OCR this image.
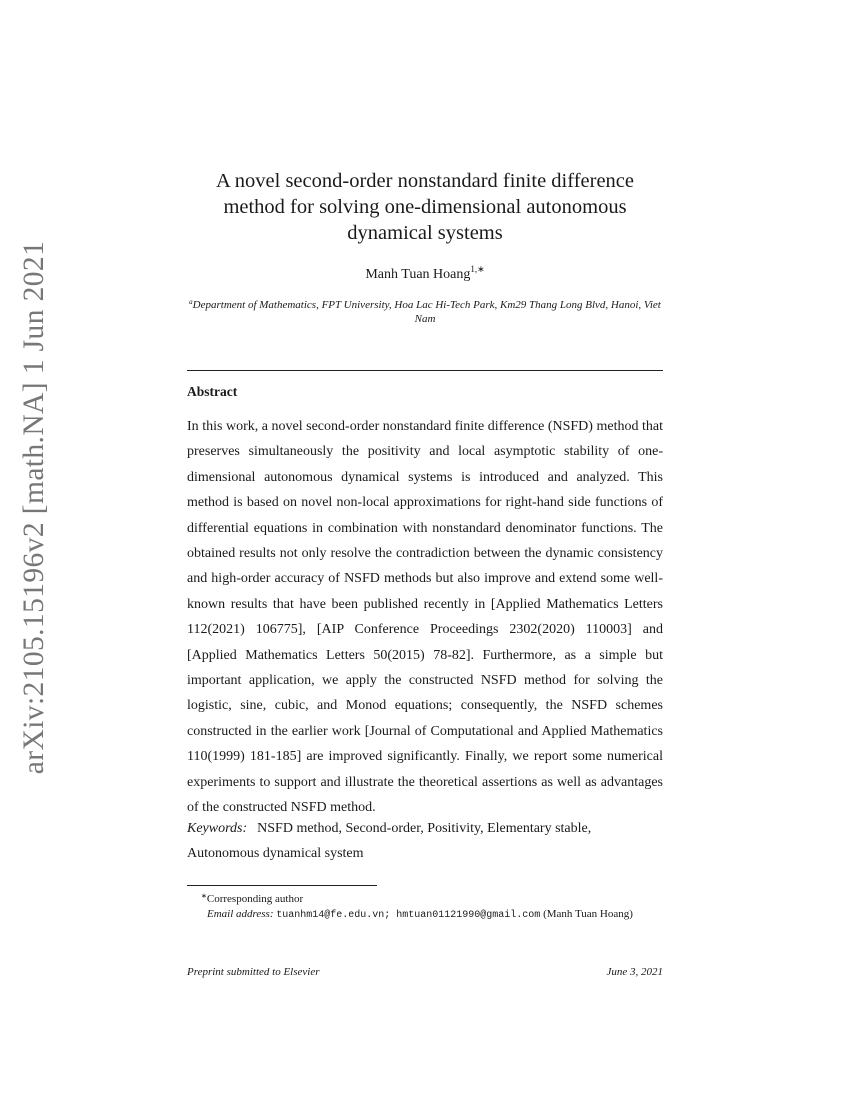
arXiv:2105.15196v2 [math.NA] 1 Jun 2021
A novel second-order nonstandard finite difference
method for solving one-dimensional autonomous
dynamical systems
Manh Tuan Hoang$^{1,∗}$
$^a$Department of Mathematics, FPT University, Hoa Lac Hi-Tech Park, Km29 Thang Long Blvd, Hanoi, Viet Nam
Abstract

In this work, a novel second-order nonstandard finite difference (NSFD) method that preserves simultaneously the positivity and local asymptotic stability of one-dimensional autonomous dynamical systems is introduced and analyzed. This method is based on novel non-local approximations for right-hand side functions of differential equations in combination with nonstandard denominator functions. The obtained results not only resolve the contradiction between the dynamic consistency and high-order accuracy of NSFD methods but also improve and extend some well-known results that have been published recently in [Applied Mathematics Letters 112(2021) 106775], [AIP Conference Proceedings 2302(2020) 110003] and [Applied Mathematics Letters 50(2015) 78-82]. Furthermore, as a simple but important application, we apply the constructed NSFD method for solving the logistic, sine, cubic, and Monod equations; consequently, the NSFD schemes constructed in the earlier work [Journal of Computational and Applied Mathematics 110(1999) 181-185] are improved significantly. Finally, we report some numerical experiments to support and illustrate the theoretical assertions as well as advantages of the constructed NSFD method.

Keywords: NSFD method, Second-order, Positivity, Elementary stable, Autonomous dynamical system
∗Corresponding author
Email address: tuanhm14@fe.edu.vn; hmtuan01121990@gmail.com (Manh Tuan Hoang)
Preprint submitted to Elsevier	June 3, 2021
